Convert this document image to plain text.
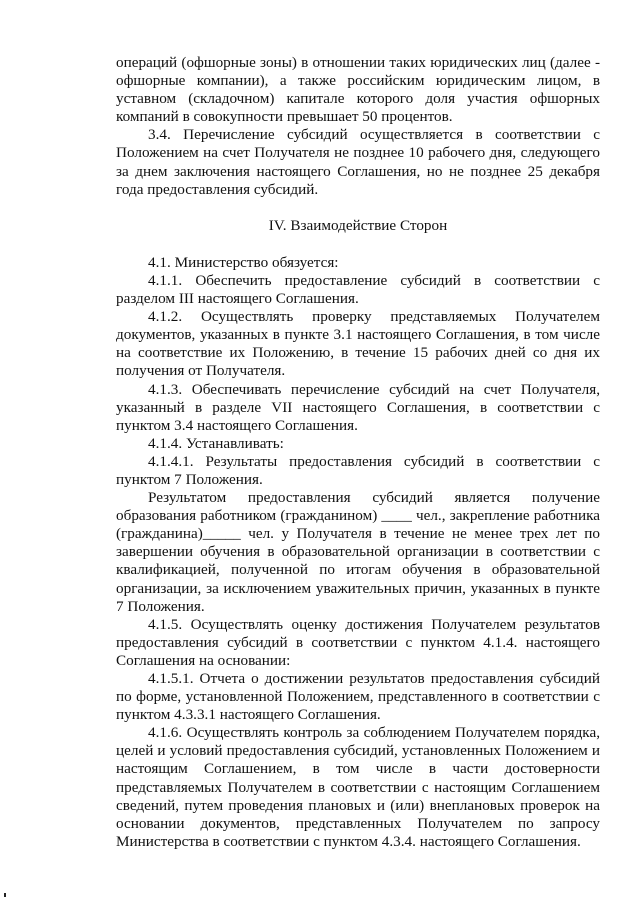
операций (офшорные зоны) в отношении таких юридических лиц (далее - офшорные компании), а также российским юридическим лицом, в уставном (складочном) капитале которого доля участия офшорных компаний в совокупности превышает 50 процентов.

3.4. Перечисление субсидий осуществляется в соответствии с Положением на счет Получателя не позднее 10 рабочего дня, следующего за днем заключения настоящего Соглашения, но не позднее 25 декабря года предоставления субсидий.

IV. Взаимодействие Сторон

4.1. Министерство обязуется:

4.1.1. Обеспечить предоставление субсидий в соответствии с разделом III настоящего Соглашения.

4.1.2. Осуществлять проверку представляемых Получателем документов, указанных в пункте 3.1 настоящего Соглашения, в том числе на соответствие их Положению, в течение 15 рабочих дней со дня их получения от Получателя.

4.1.3. Обеспечивать перечисление субсидий на счет Получателя, указанный в разделе VII настоящего Соглашения, в соответствии с пунктом 3.4 настоящего Соглашения.

4.1.4. Устанавливать:

4.1.4.1. Результаты предоставления субсидий в соответствии с пунктом 7 Положения.

Результатом предоставления субсидий является получение образования работником (гражданином) ____ чел., закрепление работника (гражданина)_____ чел. у Получателя в течение не менее трех лет по завершении обучения в образовательной организации в соответствии с квалификацией, полученной по итогам обучения в образовательной организации, за исключением уважительных причин, указанных в пункте 7 Положения.

4.1.5. Осуществлять оценку достижения Получателем результатов предоставления субсидий в соответствии с пунктом 4.1.4. настоящего Соглашения на основании:

4.1.5.1. Отчета о достижении результатов предоставления субсидий по форме, установленной Положением, представленного в соответствии с пунктом 4.3.3.1 настоящего Соглашения.

4.1.6. Осуществлять контроль за соблюдением Получателем порядка, целей и условий предоставления субсидий, установленных Положением и настоящим Соглашением, в том числе в части достоверности представляемых Получателем в соответствии с настоящим Соглашением сведений, путем проведения плановых и (или) внеплановых проверок на основании документов, представленных Получателем по запросу Министерства в соответствии с пунктом 4.3.4. настоящего Соглашения.
